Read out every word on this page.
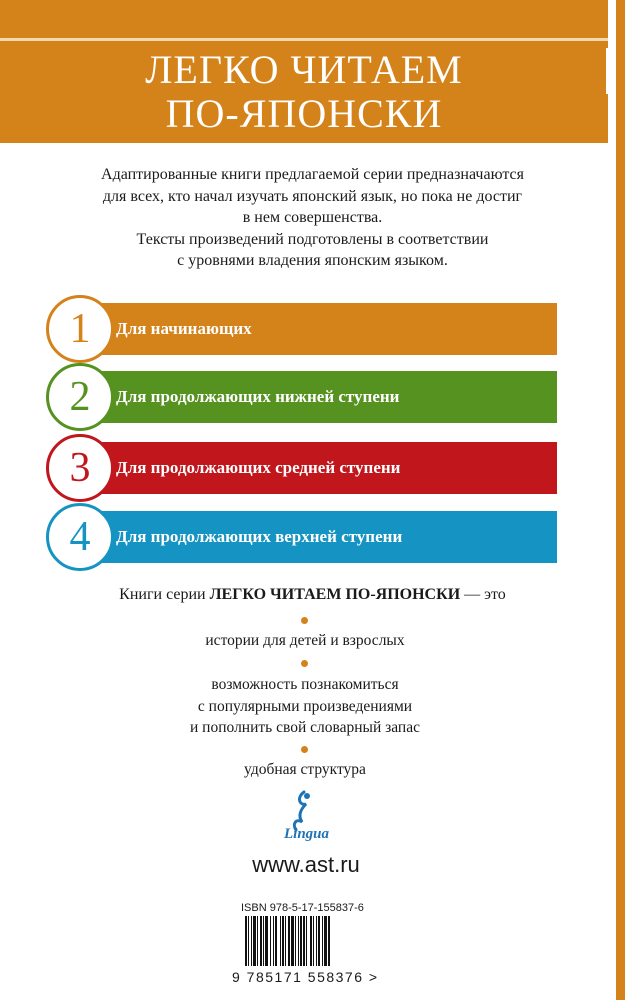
ЛЕГКО ЧИТАЕМ
ПО-ЯПОНСКИ

Адаптированные книги предлагаемой серии предназначаются

для всех, кто начал изучать японский язык, но пока не достиг

в нем совершенства.

Тексты произведений подготовлены в соответствии

с уровнями владения японским языком.

1	Для начинающих
2	Для продолжающих нижней ступени
3	Для продолжающих средней ступени
4	Для продолжающих верхней ступени
Книги серии ЛЕГКО ЧИТАЕМ ПО-ЯПОНСКИ — это
истории для детей и взрослых
возможность познакомиться
с популярными произведениями
и пополнить свой словарный запас
удобная структура
Lingua
www.ast.ru
ISBN 978-5-17-155837-6
9 785171 558376 >
